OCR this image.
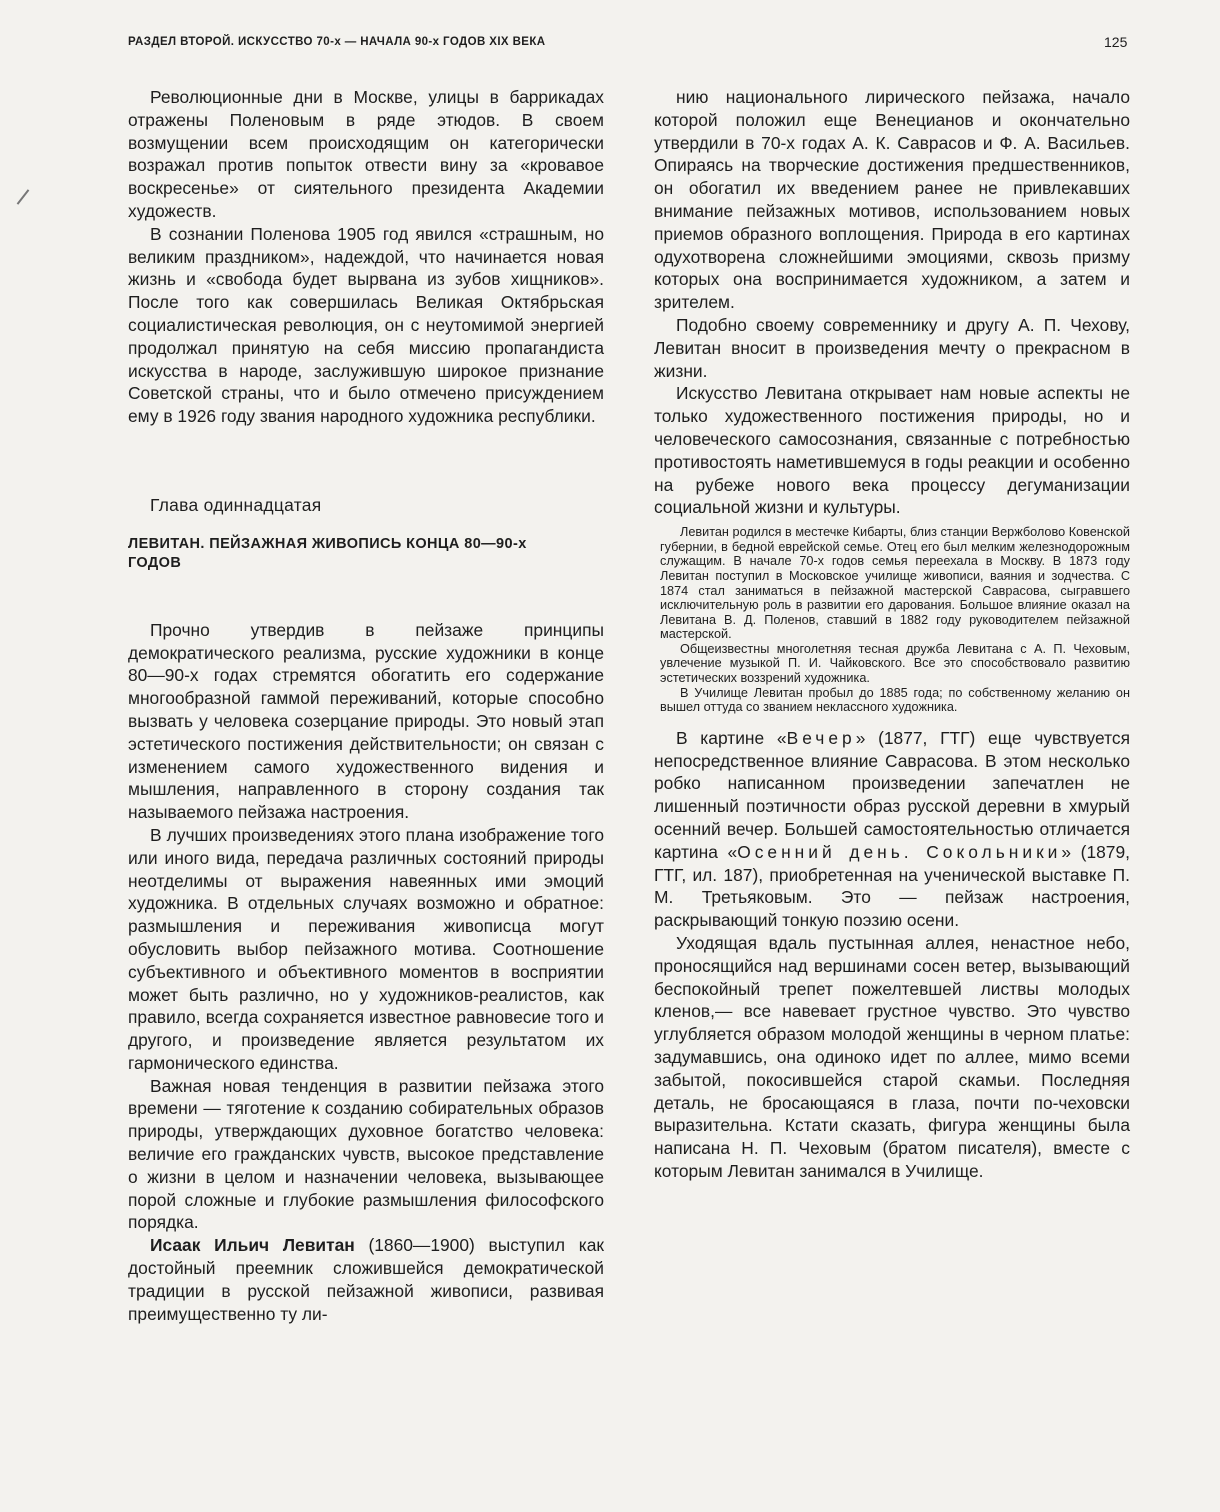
РАЗДЕЛ ВТОРОЙ. ИСКУССТВО 70-х — НАЧАЛА 90-х ГОДОВ XIX ВЕКА	125

Революционные дни в Москве, улицы в баррикадах отражены Поленовым в ряде этюдов. В своем возмущении всем происходящим он категорически возражал против попыток отвести вину за «кровавое воскресенье» от сиятельного президента Академии художеств.

В сознании Поленова 1905 год явился «страшным, но великим праздником», надеждой, что начинается новая жизнь и «свобода будет вырвана из зубов хищников». После того как совершилась Великая Октябрьская социалистическая революция, он с неутомимой энергией продолжал принятую на себя миссию пропагандиста искусства в народе, заслужившую широкое признание Советской страны, что и было отмечено присуждением ему в 1926 году звания народного художника республики.

Глава одиннадцатая

ЛЕВИТАН. ПЕЙЗАЖНАЯ ЖИВОПИСЬ КОНЦА 80—90-х ГОДОВ

Прочно утвердив в пейзаже принципы демократического реализма, русские художники в конце 80—90-х годах стремятся обогатить его содержание многообразной гаммой переживаний, которые способно вызвать у человека созерцание природы. Это новый этап эстетического постижения действительности; он связан с изменением самого художественного видения и мышления, направленного в сторону создания так называемого пейзажа настроения.

В лучших произведениях этого плана изображение того или иного вида, передача различных состояний природы неотделимы от выражения навеянных ими эмоций художника. В отдельных случаях возможно и обратное: размышления и переживания живописца могут обусловить выбор пейзажного мотива. Соотношение субъективного и объективного моментов в восприятии может быть различно, но у художников-реалистов, как правило, всегда сохраняется известное равновесие того и другого, и произведение является результатом их гармонического единства.

Важная новая тенденция в развитии пейзажа этого времени — тяготение к созданию собирательных образов природы, утверждающих духовное богатство человека: величие его гражданских чувств, высокое представление о жизни в целом и назначении человека, вызывающее порой сложные и глубокие размышления философского порядка.

Исаак Ильич Левитан (1860—1900) выступил как достойный преемник сложившейся демократической традиции в русской пейзажной живописи, развивая преимущественно ту ли-

нию национального лирического пейзажа, начало которой положил еще Венецианов и окончательно утвердили в 70-х годах А. К. Саврасов и Ф. А. Васильев. Опираясь на творческие достижения предшественников, он обогатил их введением ранее не привлекавших внимание пейзажных мотивов, использованием новых приемов образного воплощения. Природа в его картинах одухотворена сложнейшими эмоциями, сквозь призму которых она воспринимается художником, а затем и зрителем.

Подобно своему современнику и другу А. П. Чехову, Левитан вносит в произведения мечту о прекрасном в жизни.

Искусство Левитана открывает нам новые аспекты не только художественного постижения природы, но и человеческого самосознания, связанные с потребностью противостоять наметившемуся в годы реакции и особенно на рубеже нового века процессу дегуманизации социальной жизни и культуры.

Левитан родился в местечке Кибарты, близ станции Вержболово Ковенской губернии, в бедной еврейской семье. Отец его был мелким железнодорожным служащим. В начале 70-х годов семья переехала в Москву. В 1873 году Левитан поступил в Московское училище живописи, ваяния и зодчества. С 1874 стал заниматься в пейзажной мастерской Саврасова, сыгравшего исключительную роль в развитии его дарования. Большое влияние оказал на Левитана В. Д. Поленов, ставший в 1882 году руководителем пейзажной мастерской.

Общеизвестны многолетняя тесная дружба Левитана с А. П. Чеховым, увлечение музыкой П. И. Чайковского. Все это способствовало развитию эстетических воззрений художника.

В Училище Левитан пробыл до 1885 года; по собственному желанию он вышел оттуда со званием неклассного художника.

В картине «Вечер» (1877, ГТГ) еще чувствуется непосредственное влияние Саврасова. В этом несколько робко написанном произведении запечатлен не лишенный поэтичности образ русской деревни в хмурый осенний вечер. Большей самостоятельностью отличается картина «Осенний день. Сокольники» (1879, ГТГ, ил. 187), приобретенная на ученической выставке П. М. Третьяковым. Это — пейзаж настроения, раскрывающий тонкую поэзию осени.

Уходящая вдаль пустынная аллея, ненастное небо, проносящийся над вершинами сосен ветер, вызывающий беспокойный трепет пожелтевшей листвы молодых кленов,— все навевает грустное чувство. Это чувство углубляется образом молодой женщины в черном платье: задумавшись, она одиноко идет по аллее, мимо всеми забытой, покосившейся старой скамьи. Последняя деталь, не бросающаяся в глаза, почти по-чеховски выразительна. Кстати сказать, фигура женщины была написана Н. П. Чеховым (братом писателя), вместе с которым Левитан занимался в Училище.
